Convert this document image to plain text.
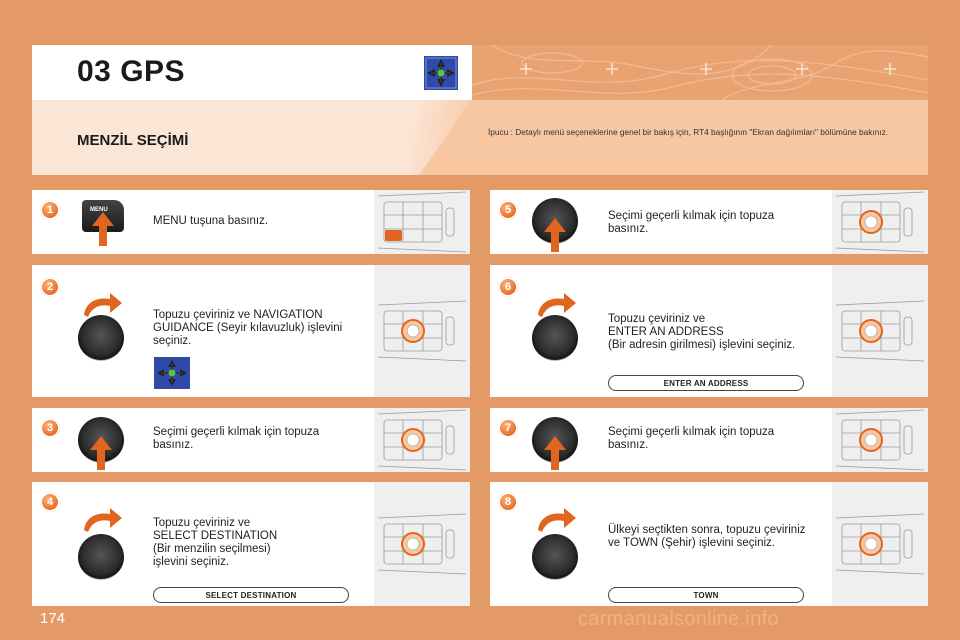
03 GPS
MENZİL SEÇİMİ	İpucu : Detaylı menü seçeneklerine genel bir bakış için, RT4 başlığının "Ekran dağılımları" bölümüne bakınız.
1	MENU
MENU tuşuna basınız.
2
Topuzu çeviriniz ve NAVIGATION GUIDANCE (Seyir kılavuzluk) işlevini seçiniz.
3	Seçimi geçerli kılmak için topuza basınız.
4
Topuzu çeviriniz ve
SELECT DESTINATION
(Bir menzilin seçilmesi)
işlevini seçiniz.
SELECT DESTINATION
5	Seçimi geçerli kılmak için topuza basınız.
6
Topuzu çeviriniz ve
ENTER AN ADDRESS
(Bir adresin girilmesi) işlevini seçiniz.
ENTER AN ADDRESS
7	Seçimi geçerli kılmak için topuza basınız.
8
Ülkeyi seçtikten sonra, topuzu çeviriniz ve TOWN (Şehir) işlevini seçiniz.
TOWN
174	carmanualsonline.info
